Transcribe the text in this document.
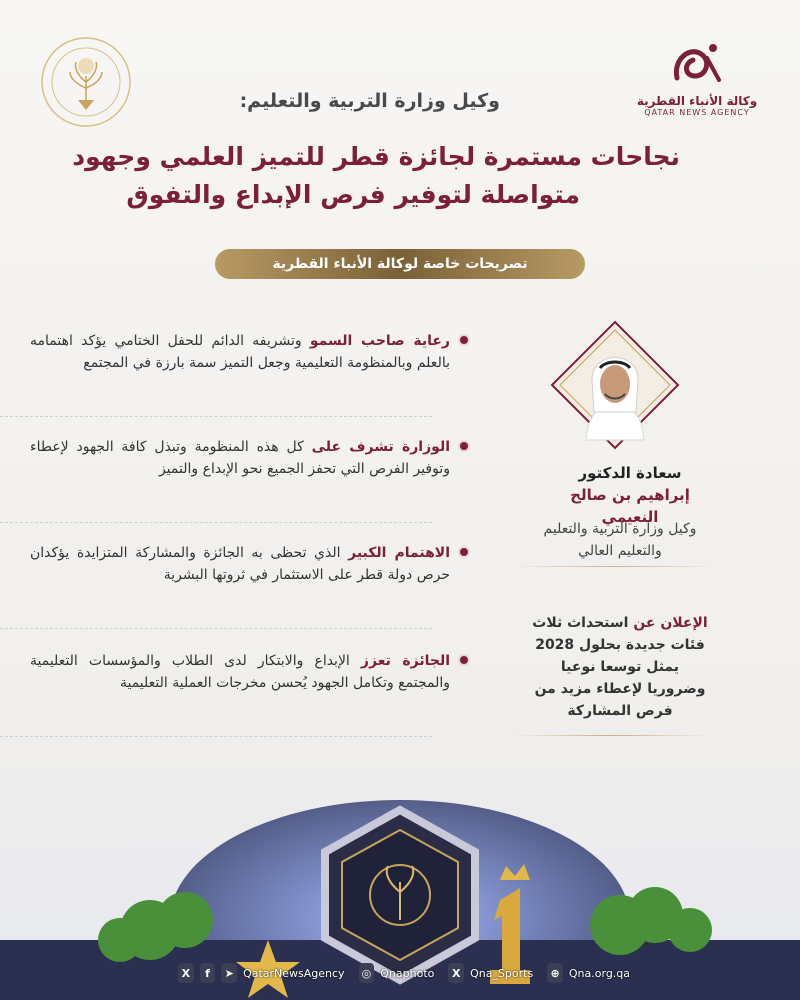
وكالة الأنباء القطرية
QATAR NEWS AGENCY
وكيل وزارة التربية والتعليم:
نجاحات مستمرة لجائزة قطر للتميز العلمي وجهود
متواصلة لتوفير فرص الإبداع والتفوق
تصريحات خاصة لوكالة الأنباء القطرية
رعاية صاحب السمو وتشريفه الدائم للحفل الختامي يؤكد اهتمامه بالعلم وبالمنظومة التعليمية وجعل التميز سمة بارزة في المجتمع
الوزارة تشرف على كل هذه المنظومة وتبذل كافة الجهود لإعطاء وتوفير الفرص التي تحفز الجميع نحو الإبداع والتميز
الاهتمام الكبير الذي تحظى به الجائزة والمشاركة المتزايدة يؤكدان حرص دولة قطر على الاستثمار في ثروتها البشرية
الجائزة تعزز الإبداع والابتكار لدى الطلاب والمؤسسات التعليمية والمجتمع وتكامل الجهود يُحسن مخرجات العملية التعليمية
سعادة الدكتور
إبراهيم بن صالح النعيمي
وكيل وزارة التربية والتعليم
والتعليم العالي
الإعلان عن استحداث ثلاث فئات جديدة بحلول 2028 يمثل توسعا نوعيا وضروريا لإعطاء مزيد من فرص المشاركة
X	f	➤ QatarNewsAgency ◎ Qnaphoto	X Qna_Sports ⊕ Qna.org.qa
